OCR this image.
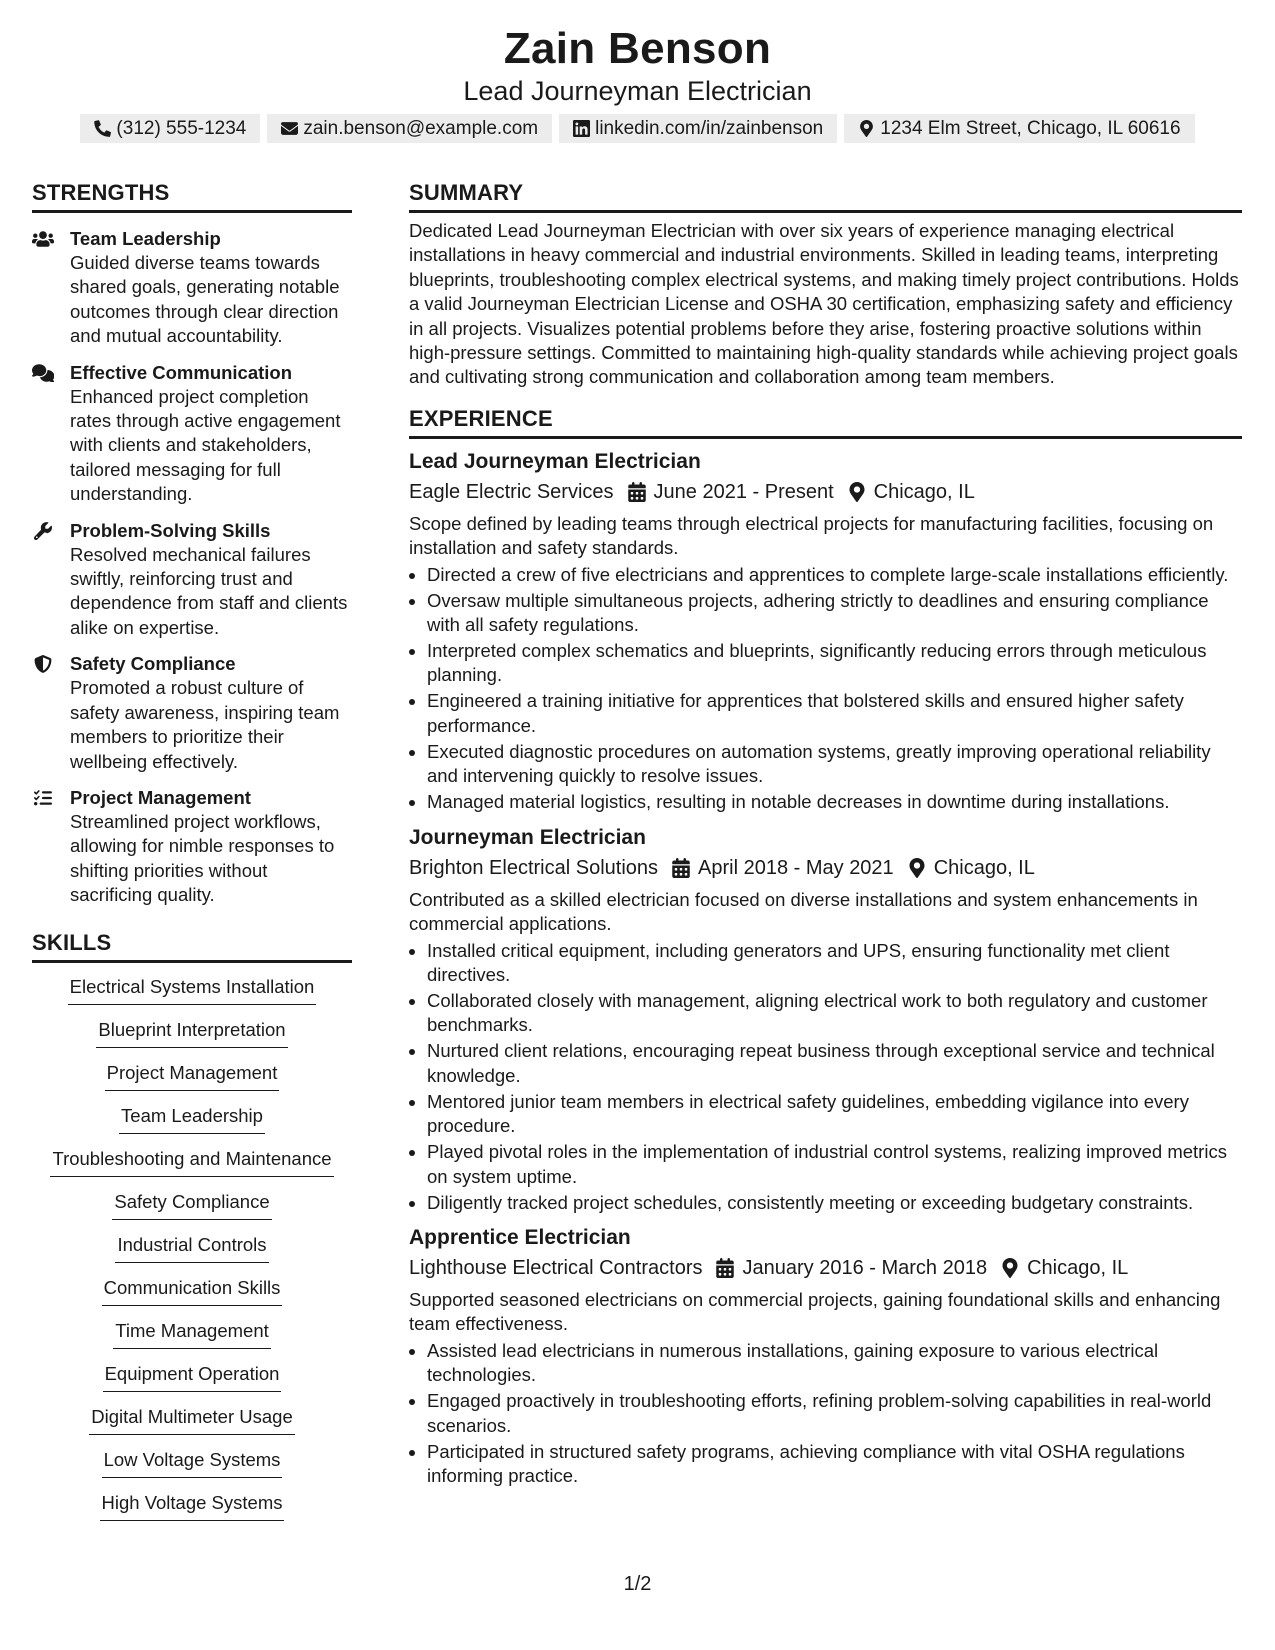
Zain Benson
Lead Journeyman Electrician
(312) 555-1234	zain.benson@example.com	linkedin.com/in/zainbenson	1234 Elm Street, Chicago, IL 60616
STRENGTHS
Team Leadership
Guided diverse teams towards shared goals, generating notable outcomes through clear direction and mutual accountability.
Effective Communication
Enhanced project completion rates through active engagement with clients and stakeholders, tailored messaging for full understanding.
Problem-Solving Skills
Resolved mechanical failures swiftly, reinforcing trust and dependence from staff and clients alike on expertise.
Safety Compliance
Promoted a robust culture of safety awareness, inspiring team members to prioritize their wellbeing effectively.
Project Management
Streamlined project workflows, allowing for nimble responses to shifting priorities without sacrificing quality.
SKILLS
Electrical Systems Installation
Blueprint Interpretation
Project Management
Team Leadership
Troubleshooting and Maintenance
Safety Compliance
Industrial Controls
Communication Skills
Time Management
Equipment Operation
Digital Multimeter Usage
Low Voltage Systems
High Voltage Systems
SUMMARY
Dedicated Lead Journeyman Electrician with over six years of experience managing electrical installations in heavy commercial and industrial environments. Skilled in leading teams, interpreting blueprints, troubleshooting complex electrical systems, and making timely project contributions. Holds a valid Journeyman Electrician License and OSHA 30 certification, emphasizing safety and efficiency in all projects. Visualizes potential problems before they arise, fostering proactive solutions within high-pressure settings. Committed to maintaining high-quality standards while achieving project goals and cultivating strong communication and collaboration among team members.
EXPERIENCE
Lead Journeyman Electrician
Eagle Electric Services June 2021 - Present Chicago, IL
Scope defined by leading teams through electrical projects for manufacturing facilities, focusing on installation and safety standards.
• Directed a crew of five electricians and apprentices to complete large-scale installations efficiently.
• Oversaw multiple simultaneous projects, adhering strictly to deadlines and ensuring compliance with all safety regulations.
• Interpreted complex schematics and blueprints, significantly reducing errors through meticulous planning.
• Engineered a training initiative for apprentices that bolstered skills and ensured higher safety performance.
• Executed diagnostic procedures on automation systems, greatly improving operational reliability and intervening quickly to resolve issues.
• Managed material logistics, resulting in notable decreases in downtime during installations.
Journeyman Electrician
Brighton Electrical Solutions April 2018 - May 2021 Chicago, IL
Contributed as a skilled electrician focused on diverse installations and system enhancements in commercial applications.
• Installed critical equipment, including generators and UPS, ensuring functionality met client directives.
• Collaborated closely with management, aligning electrical work to both regulatory and customer benchmarks.
• Nurtured client relations, encouraging repeat business through exceptional service and technical knowledge.
• Mentored junior team members in electrical safety guidelines, embedding vigilance into every procedure.
• Played pivotal roles in the implementation of industrial control systems, realizing improved metrics on system uptime.
• Diligently tracked project schedules, consistently meeting or exceeding budgetary constraints.
Apprentice Electrician
Lighthouse Electrical Contractors January 2016 - March 2018 Chicago, IL
Supported seasoned electricians on commercial projects, gaining foundational skills and enhancing team effectiveness.
• Assisted lead electricians in numerous installations, gaining exposure to various electrical technologies.
• Engaged proactively in troubleshooting efforts, refining problem-solving capabilities in real-world scenarios.
• Participated in structured safety programs, achieving compliance with vital OSHA regulations informing practice.
1/2
